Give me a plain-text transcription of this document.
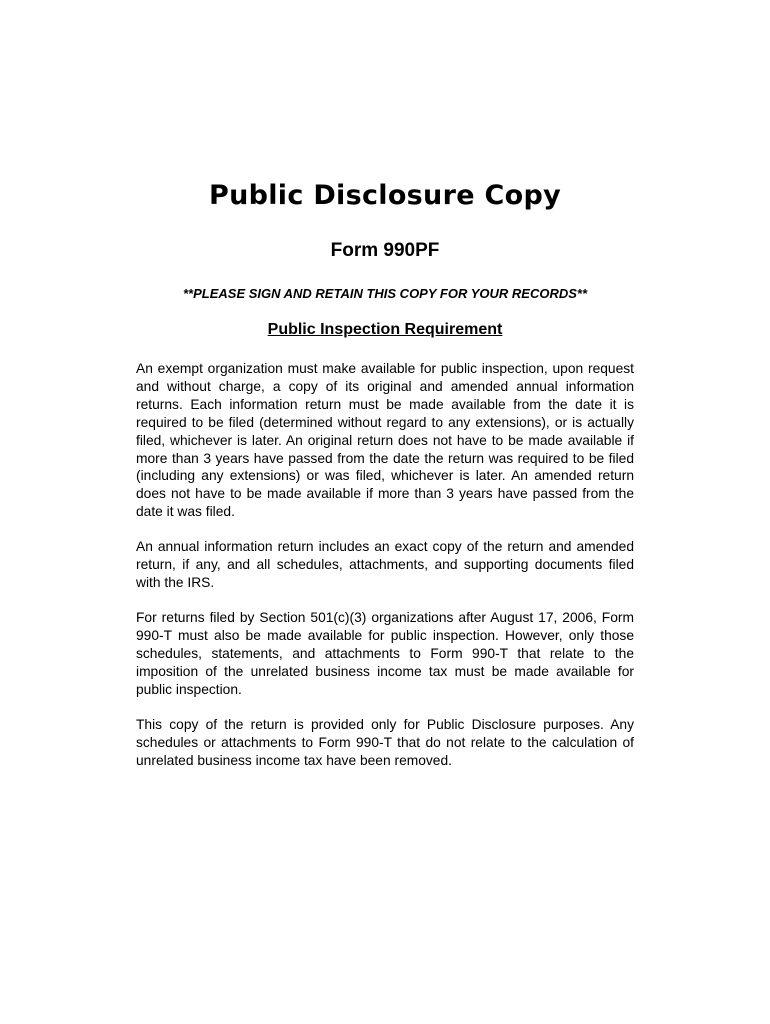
Public Disclosure Copy
Form 990PF

**PLEASE SIGN AND RETAIN THIS COPY FOR YOUR RECORDS**

Public Inspection Requirement

An exempt organization must make available for public inspection, upon request and without charge, a copy of its original and amended annual information returns. Each information return must be made available from the date it is required to be filed (determined without regard to any extensions), or is actually filed, whichever is later. An original return does not have to be made available if more than 3 years have passed from the date the return was required to be filed (including any extensions) or was filed, whichever is later. An amended return does not have to be made available if more than 3 years have passed from the date it was filed.

An annual information return includes an exact copy of the return and amended return, if any, and all schedules, attachments, and supporting documents filed with the IRS.

For returns filed by Section 501(c)(3) organizations after August 17, 2006, Form 990-T must also be made available for public inspection. However, only those schedules, statements, and attachments to Form 990-T that relate to the imposition of the unrelated business income tax must be made available for public inspection.

This copy of the return is provided only for Public Disclosure purposes. Any schedules or attachments to Form 990-T that do not relate to the calculation of unrelated business income tax have been removed.
